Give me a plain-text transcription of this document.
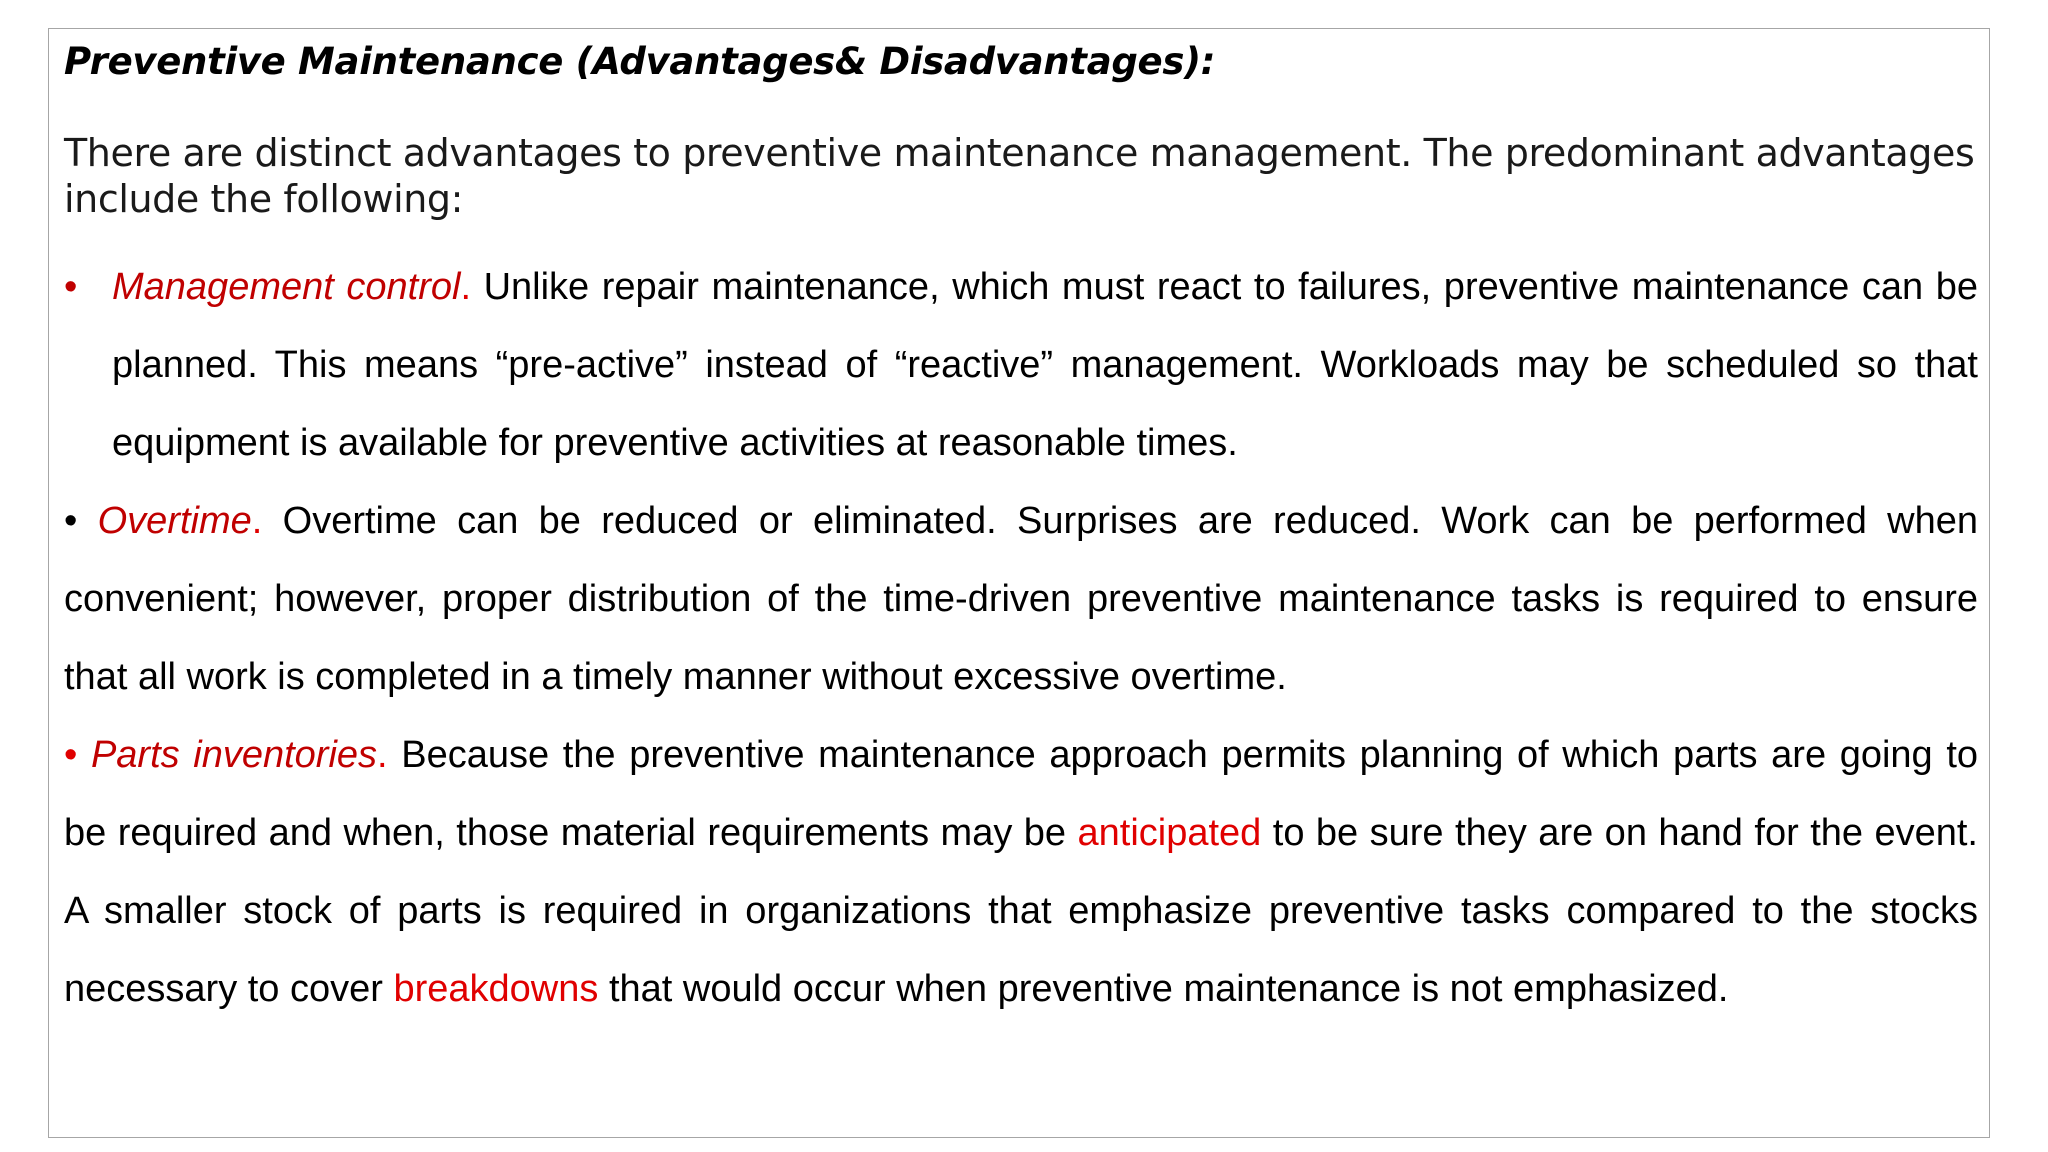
Preventive Maintenance (Advantages& Disadvantages):
There are distinct advantages to preventive maintenance management. The predominant advantages include the following:
• Management control. Unlike repair maintenance, which must react to failures, preventive maintenance can be planned. This means “pre-active” instead of “reactive” management. Workloads may be scheduled so that equipment is available for preventive activities at reasonable times.
• Overtime. Overtime can be reduced or eliminated. Surprises are reduced. Work can be performed when convenient; however, proper distribution of the time-driven preventive maintenance tasks is required to ensure that all work is completed in a timely manner without excessive overtime.
• Parts inventories. Because the preventive maintenance approach permits planning of which parts are going to be required and when, those material requirements may be anticipated to be sure they are on hand for the event. A smaller stock of parts is required in organizations that emphasize preventive tasks compared to the stocks necessary to cover breakdowns that would occur when preventive maintenance is not emphasized.
